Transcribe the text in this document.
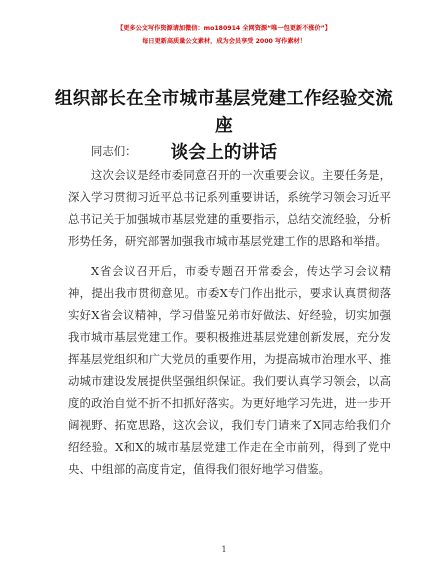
【更多公文写作资源请加微信：mo180914 全网资源“唯一包更新不涨价”】
每日更新高质量公文素材，成为会员享受 2000 写作素材！
组织部长在全市城市基层党建工作经验交流座
谈会上的讲话

同志们：

这次会议是经市委同意召开的一次重要会议。主要任务是，深入学习贯彻习近平总书记系列重要讲话，系统学习领会习近平总书记关于加强城市基层党建的重要指示，总结交流经验，分析形势任务，研究部署加强我市城市基层党建工作的思路和举措。

X省会议召开后，市委专题召开常委会，传达学习会议精神，提出我市贯彻意见。市委X专门作出批示，要求认真贯彻落实好X省会议精神，学习借鉴兄弟市好做法、好经验，切实加强我市城市基层党建工作。要积极推进基层党建创新发展，充分发挥基层党组织和广大党员的重要作用，为提高城市治理水平、推动城市建设发展提供坚强组织保证。我们要认真学习领会，以高度的政治自觉不折不扣抓好落实。为更好地学习先进，进一步开阔视野、拓宽思路，这次会议，我们专门请来了X同志给我们介绍经验。X和X的城市基层党建工作走在全市前列，得到了党中央、中组部的高度肯定，值得我们很好地学习借鉴。

1
